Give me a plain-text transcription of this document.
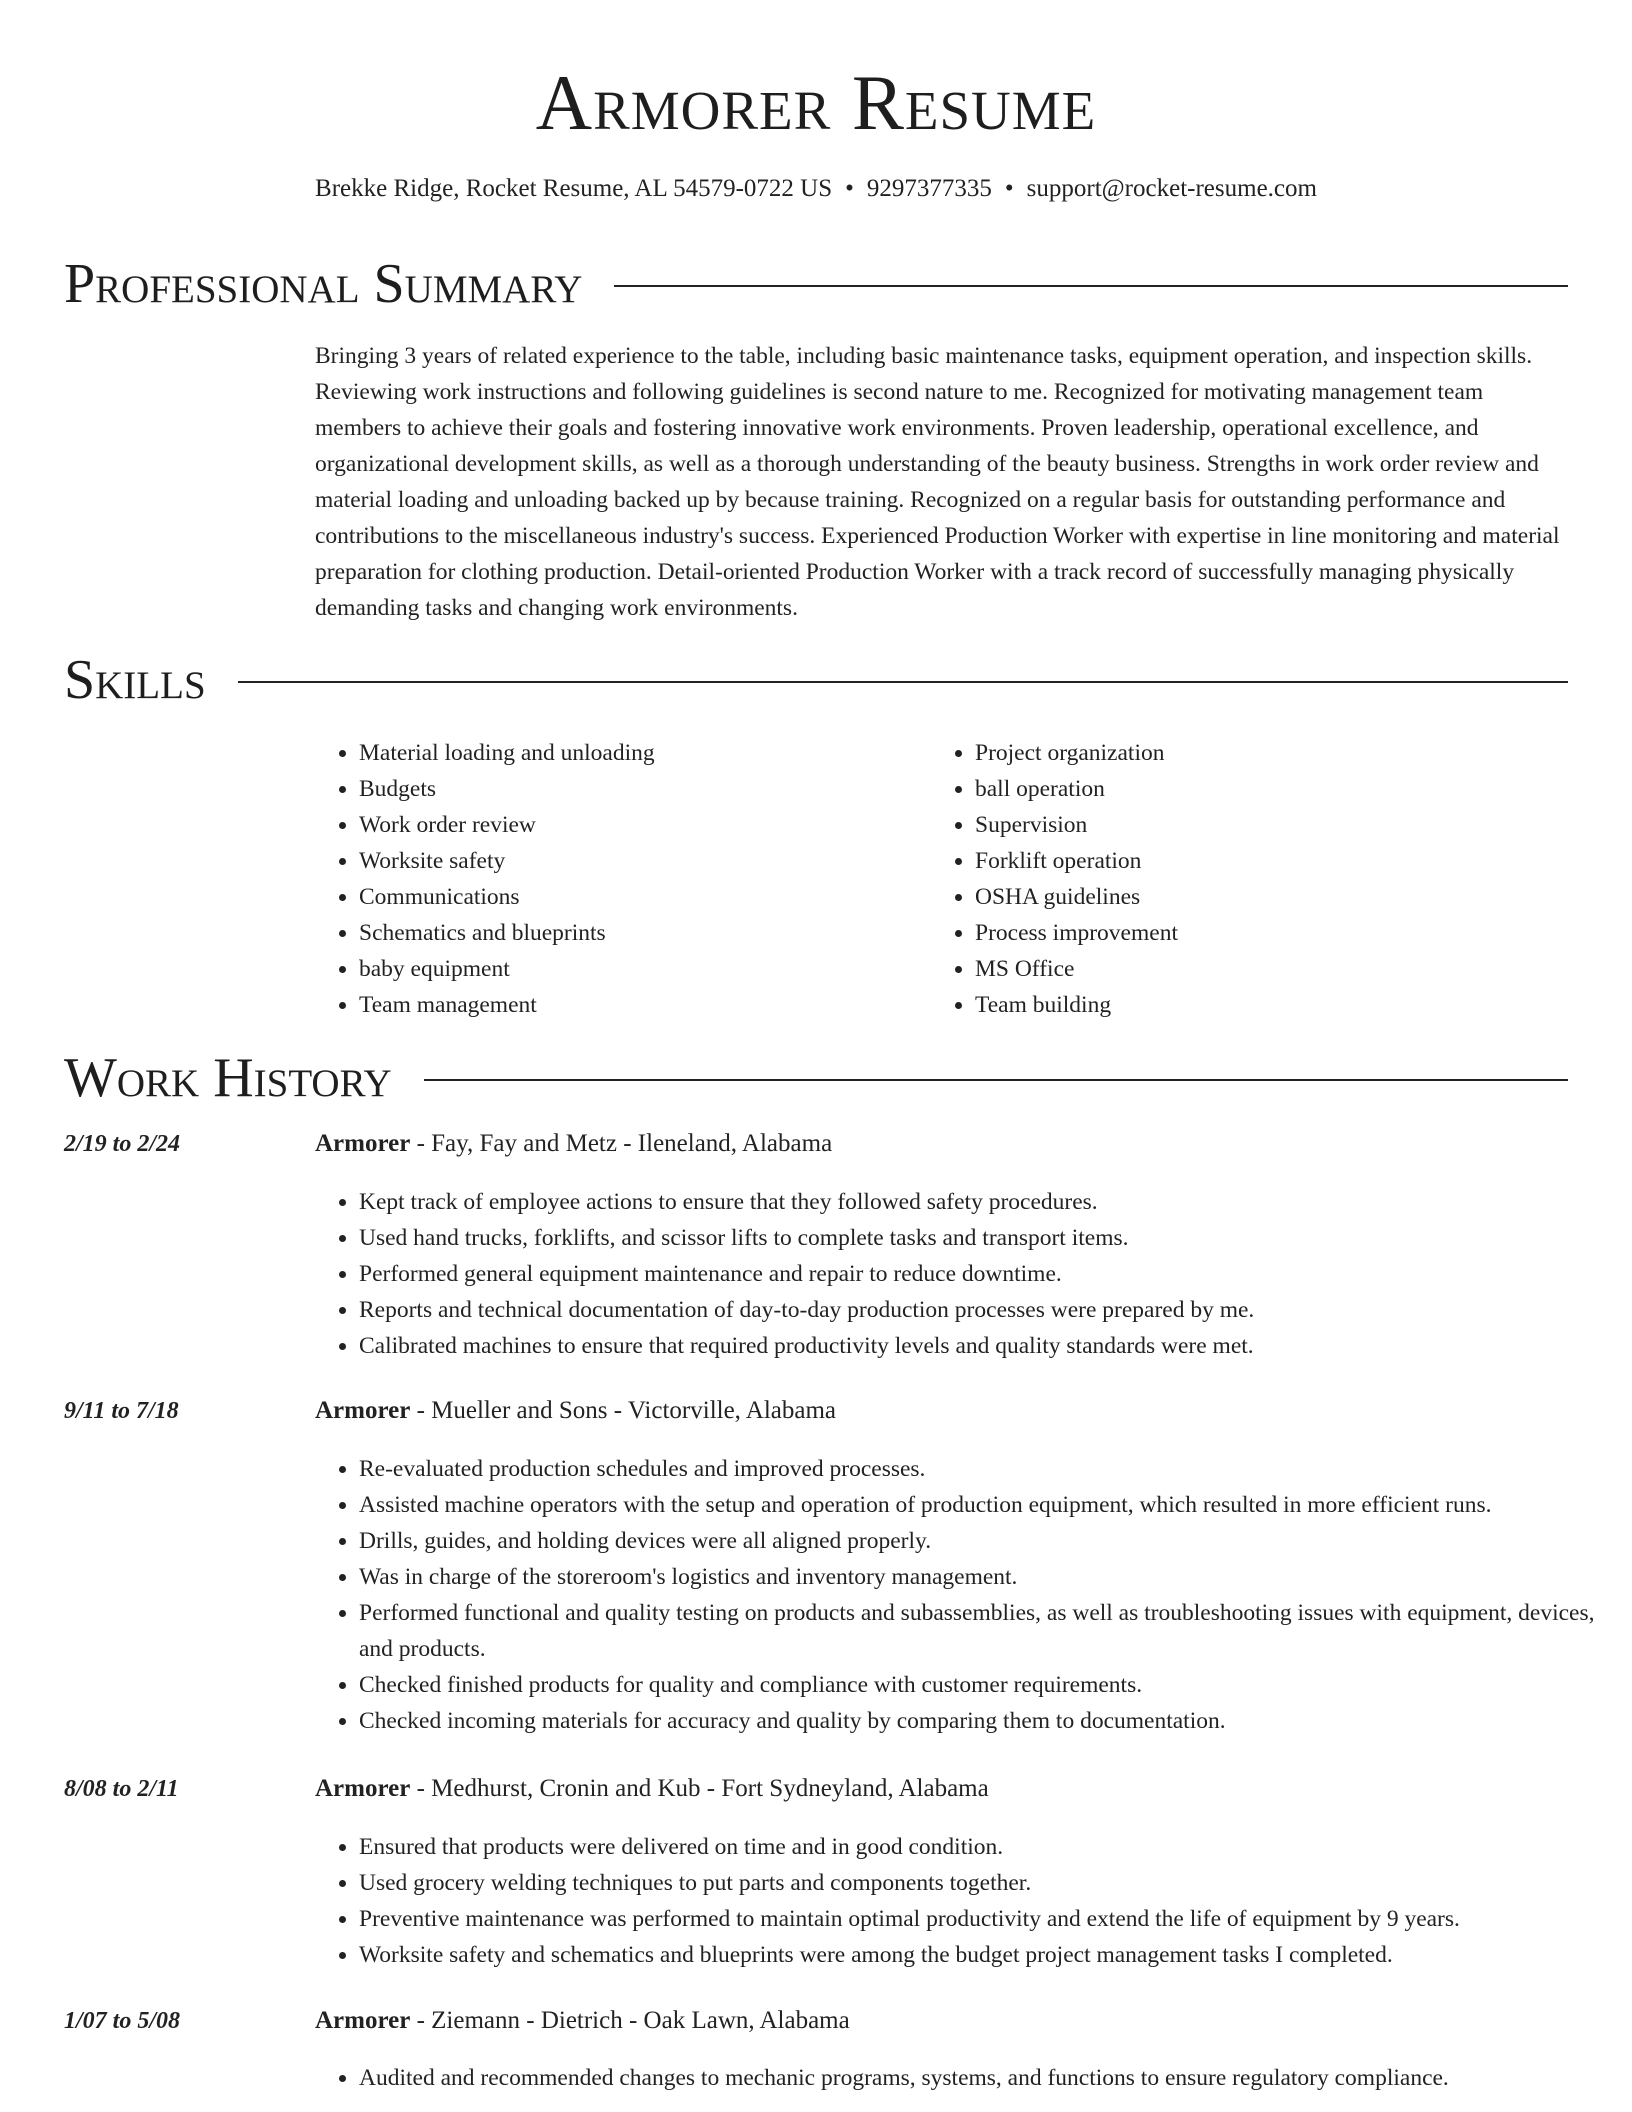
Armorer Resume

Brekke Ridge, Rocket Resume, AL 54579-0722 US • 9297377335 • support@rocket-resume.com

Professional Summary

Bringing 3 years of related experience to the table, including basic maintenance tasks, equipment operation, and inspection skills. Reviewing work instructions and following guidelines is second nature to me. Recognized for motivating management team members to achieve their goals and fostering innovative work environments. Proven leadership, operational excellence, and organizational development skills, as well as a thorough understanding of the beauty business. Strengths in work order review and material loading and unloading backed up by because training. Recognized on a regular basis for outstanding performance and contributions to the miscellaneous industry's success. Experienced Production Worker with expertise in line monitoring and material preparation for clothing production. Detail-oriented Production Worker with a track record of successfully managing physically demanding tasks and changing work environments.

Skills
• Material loading and unloading
• Budgets
• Work order review
• Worksite safety
• Communications
• Schematics and blueprints
• baby equipment
• Team management
• Project organization
• ball operation
• Supervision
• Forklift operation
• OSHA guidelines
• Process improvement
• MS Office
• Team building
Work History

2/19 to 2/24	Armorer - Fay, Fay and Metz - Ileneland, Alabama

• Kept track of employee actions to ensure that they followed safety procedures.
• Used hand trucks, forklifts, and scissor lifts to complete tasks and transport items.
• Performed general equipment maintenance and repair to reduce downtime.
• Reports and technical documentation of day-to-day production processes were prepared by me.
• Calibrated machines to ensure that required productivity levels and quality standards were met.

9/11 to 7/18	Armorer - Mueller and Sons - Victorville, Alabama

• Re-evaluated production schedules and improved processes.
• Assisted machine operators with the setup and operation of production equipment, which resulted in more efficient runs.
• Drills, guides, and holding devices were all aligned properly.
• Was in charge of the storeroom's logistics and inventory management.
• Performed functional and quality testing on products and subassemblies, as well as troubleshooting issues with equipment, devices, and products.
• Checked finished products for quality and compliance with customer requirements.
• Checked incoming materials for accuracy and quality by comparing them to documentation.

8/08 to 2/11	Armorer - Medhurst, Cronin and Kub - Fort Sydneyland, Alabama

• Ensured that products were delivered on time and in good condition.
• Used grocery welding techniques to put parts and components together.
• Preventive maintenance was performed to maintain optimal productivity and extend the life of equipment by 9 years.
• Worksite safety and schematics and blueprints were among the budget project management tasks I completed.

1/07 to 5/08	Armorer - Ziemann - Dietrich - Oak Lawn, Alabama

• Audited and recommended changes to mechanic programs, systems, and functions to ensure regulatory compliance.
